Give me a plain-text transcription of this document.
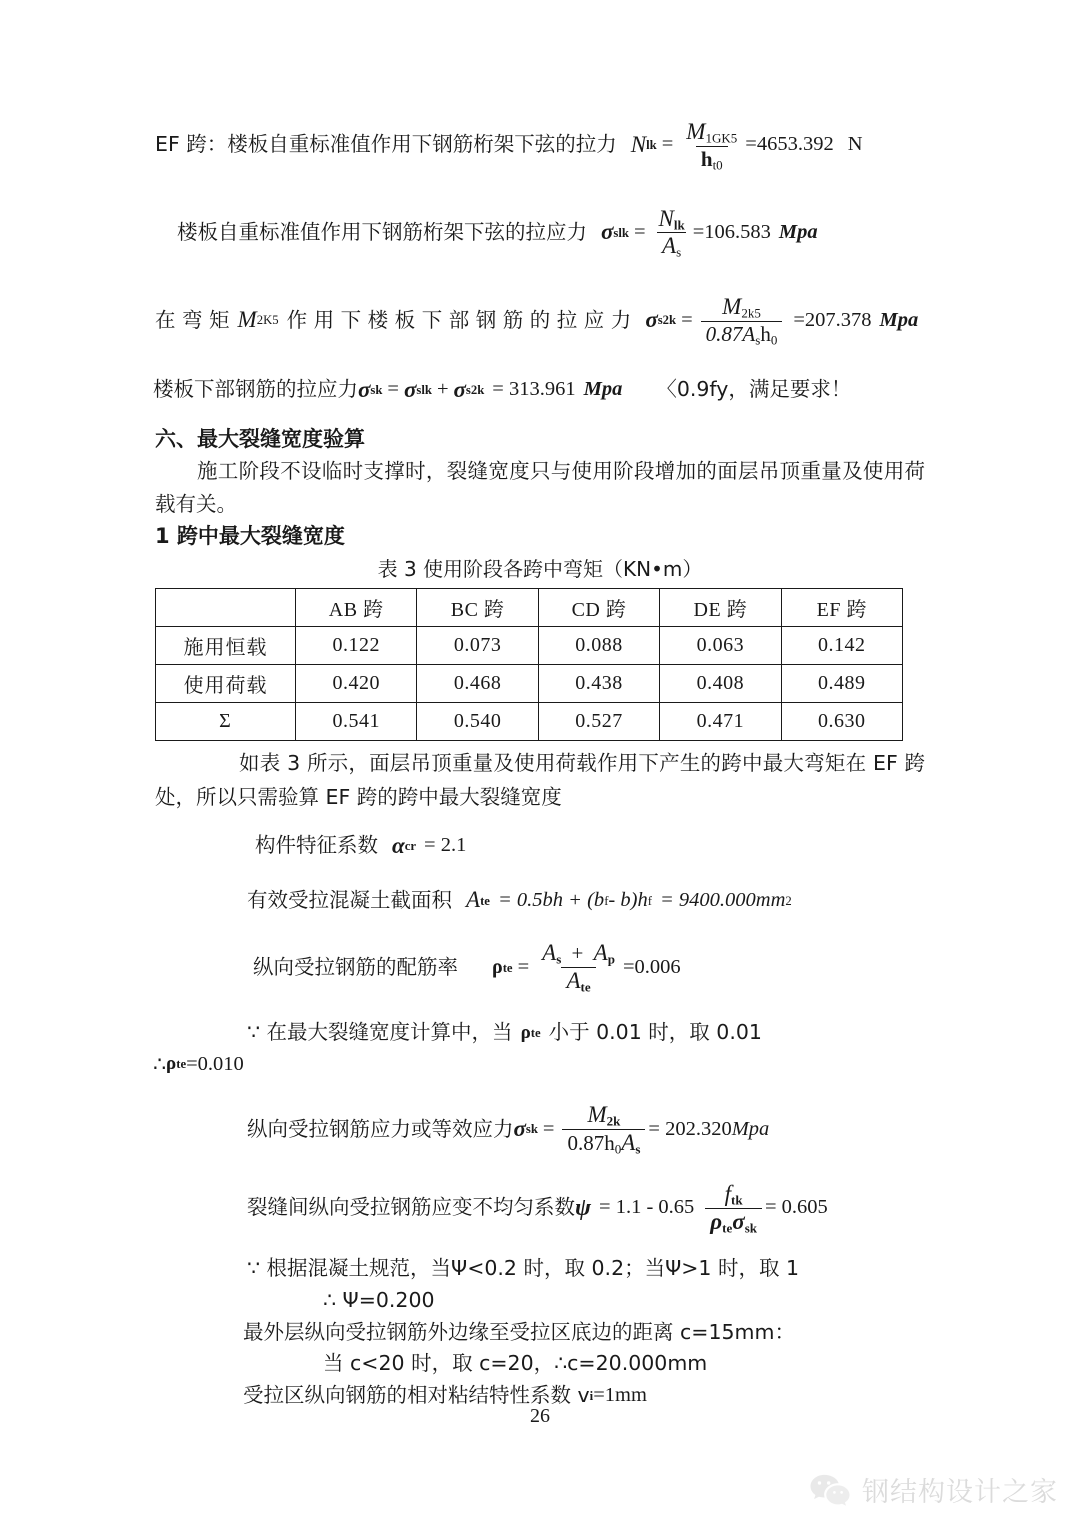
EF 跨：楼板自重标准值作用下钢筋桁架下弦的拉力 N lk = $\frac{M_{1GK5}}{h_{t0}} =4653.392$ N
楼板自重标准值作用下钢筋桁架下弦的拉应力 σ slk = $\frac{N_{lk}}{A_s} =106.583$ Mpa
在 弯 矩 M 2K5 作 用 下 楼 板 下 部 钢 筋 的 拉 应 力 σ $s2k = \frac{M_{2k5}}{0.87A_sh_0} =207.378$ Mpa
楼板下部钢筋的拉应力 σ sk = σ slk + σ s2k = 313.961 Mpa 〈0.9fy，满足要求！
六、最大裂缝宽度验算
施工阶段不设临时支撑时，裂缝宽度只与使用阶段增加的面层吊顶重量及使用荷载有关。
1 跨中最大裂缝宽度
表 3 使用阶段各跨中弯矩（KN•m）
	AB 跨	BC 跨	CD 跨	DE 跨	EF 跨
施用恒载	0.122	0.073	0.088	0.063	0.142
使用荷载	0.420	0.468	0.438	0.408	0.489
Σ	0.541	0.540	0.527	0.471	0.630
如表 3 所示，面层吊顶重量及使用荷载作用下产生的跨中最大弯矩在 EF 跨处，所以只需验算 EF 跨的跨中最大裂缝宽度
构件特征系数 α cr = 2.1
有效受拉混凝土截面积 A te = 0.5bh + (b f - b)h f = 9400.000 mm 2
纵向受拉钢筋的配筋率 ρ te = $\frac{A_s + A_p}{A_{te}} =0.006$
∵ 在最大裂缝宽度计算中，当 ρ te 小于 0.01 时，取 0.01
∴ ρ te =0.010
纵向受拉钢筋应力或等效应力 σ sk = $\frac{M_{2k}}{0.87h_0A_s} = 202.320$ Mpa
裂缝间纵向受拉钢筋应变不均匀系数 $\psi = 1.1 - 0.65 \frac{f_{tk}}{\rho_{te}\sigma_{sk}} = 0.605$
∵ 根据混凝土规范，当Ψ<0.2 时，取 0.2；当Ψ>1 时，取 1
∴ Ψ=0.200
最外层纵向受拉钢筋外边缘至受拉区底边的距离 c=15mm：
当 c<20 时，取 c=20，∴c=20.000mm
受拉区纵向钢筋的相对粘结特性系数 v i =1mm
26
钢结构设计之家
